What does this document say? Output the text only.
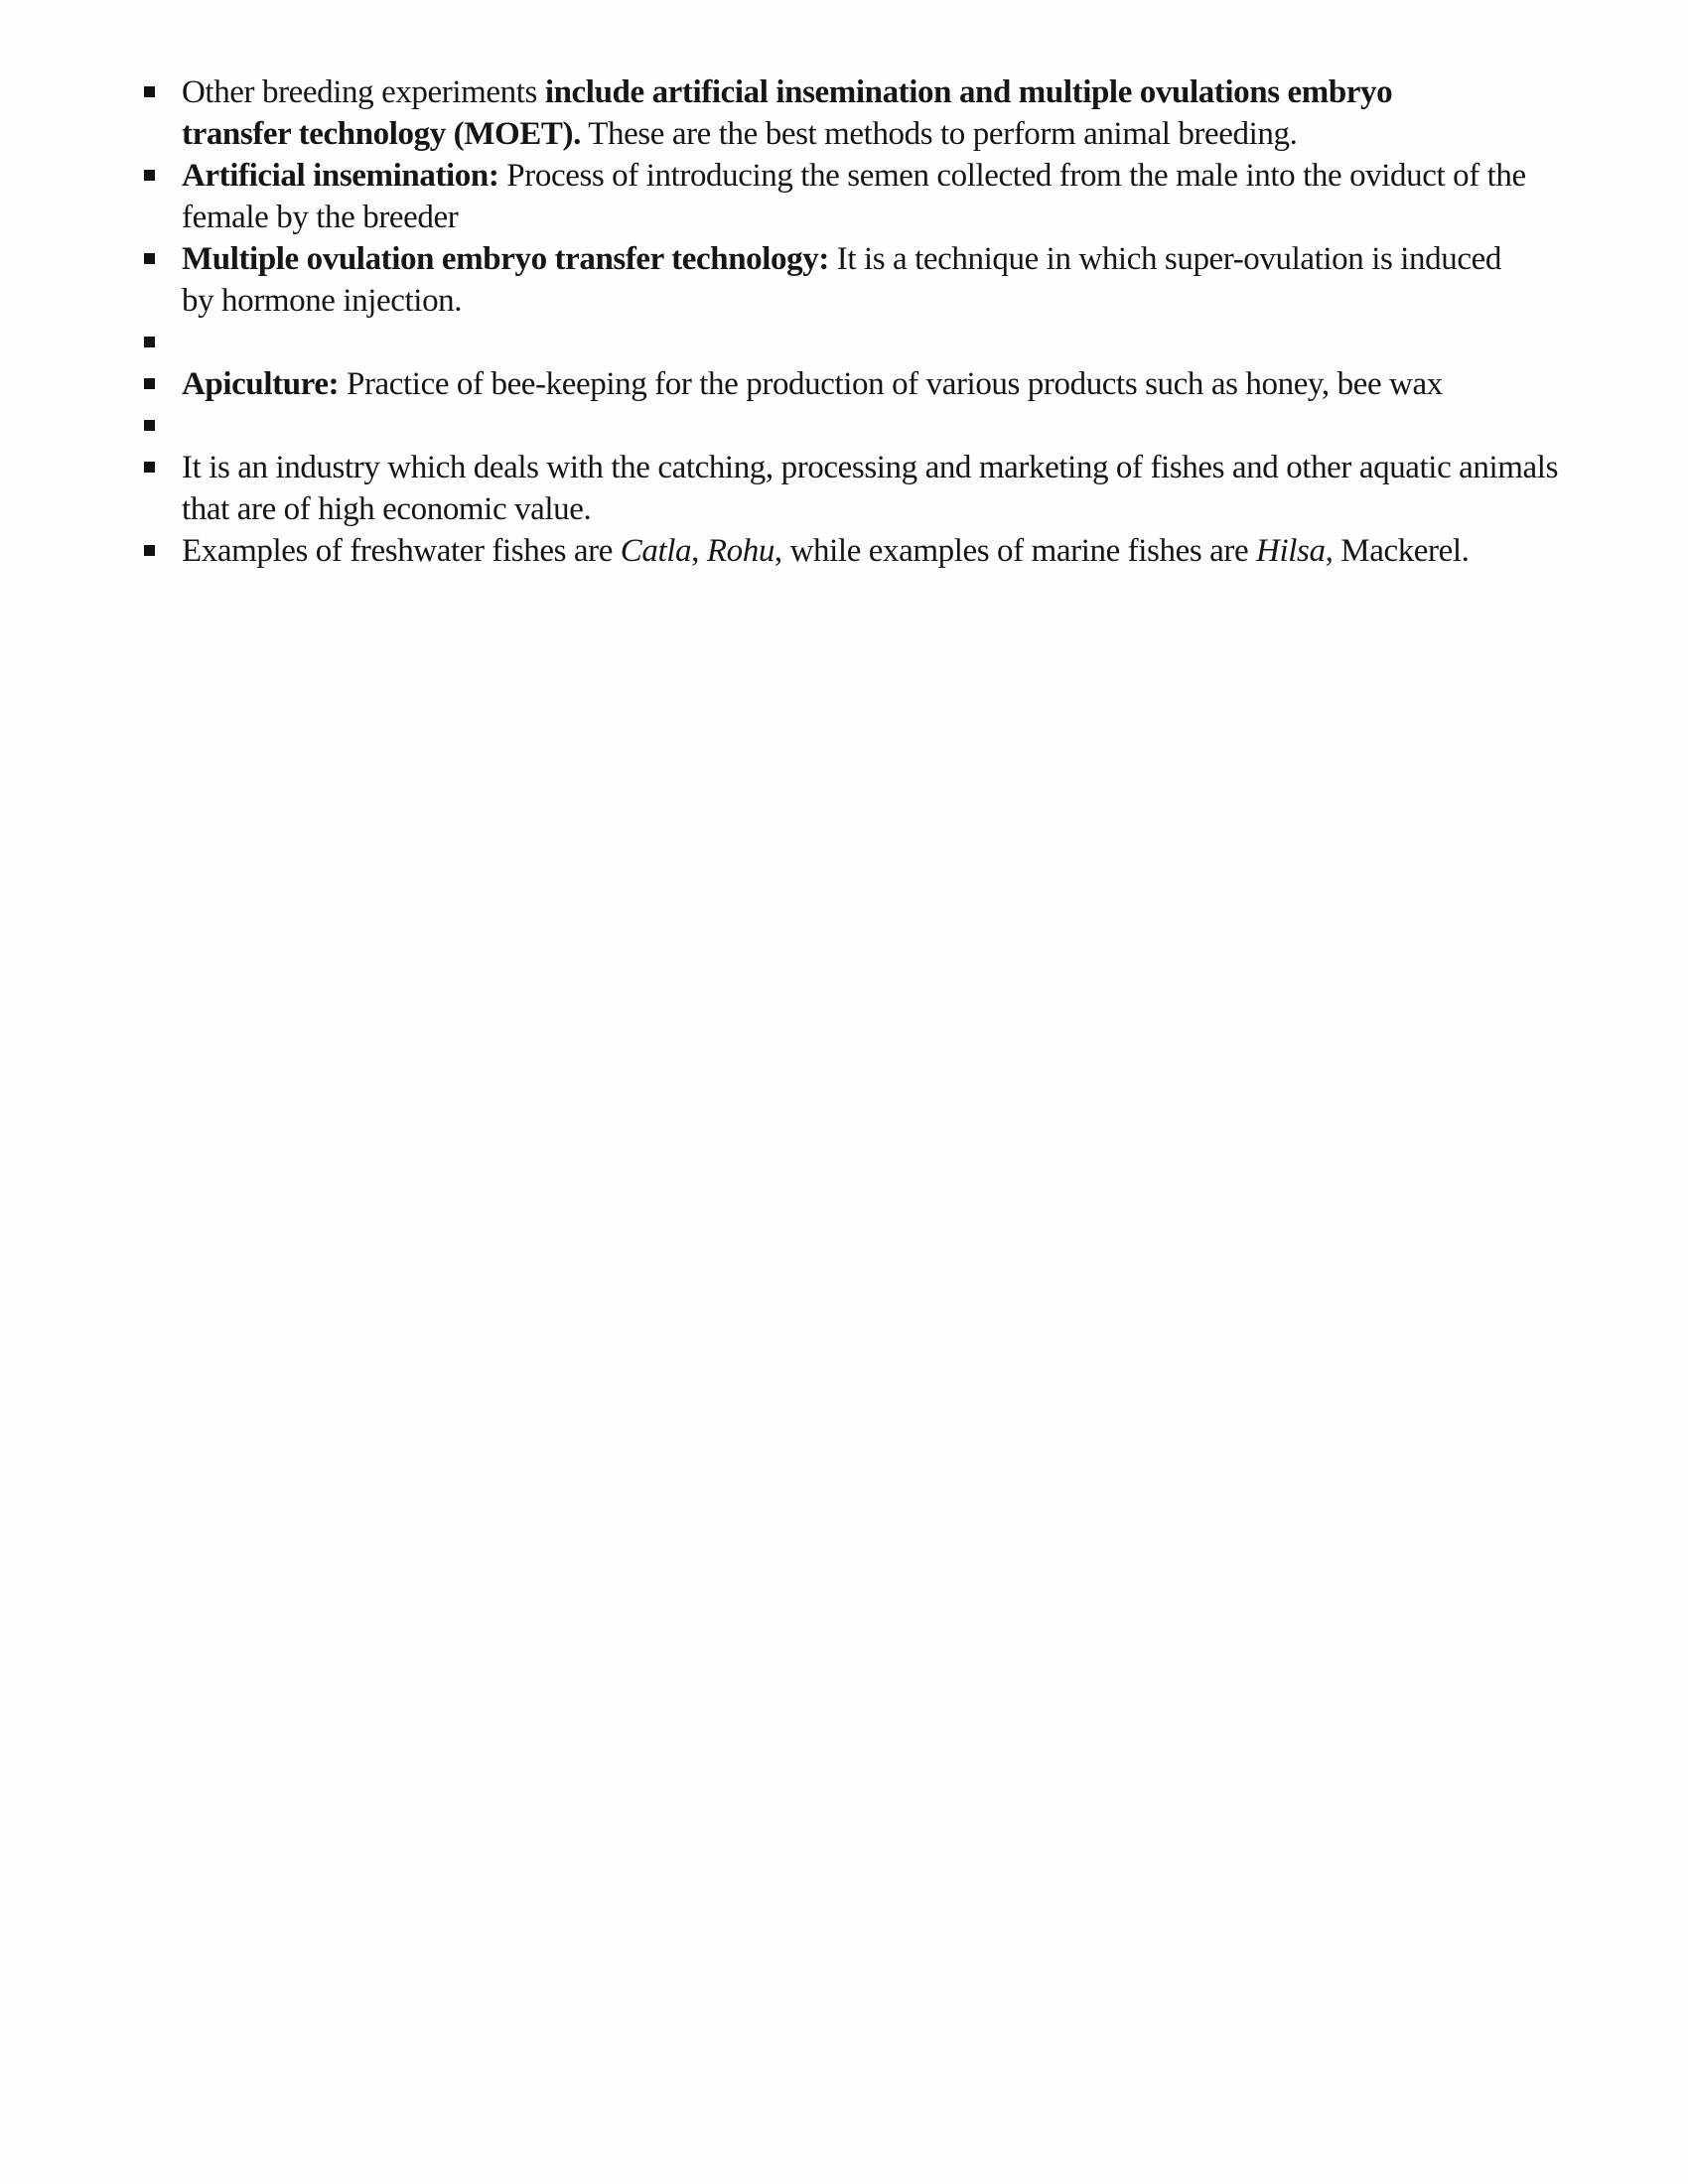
Other breeding experiments include artificial insemination and multiple ovulations embryo
transfer technology (MOET). These are the best methods to perform animal breeding.
Artificial insemination: Process of introducing the semen collected from the male into the oviduct of the
female by the breeder
Multiple ovulation embryo transfer technology: It is a technique in which super-ovulation is induced
by hormone injection.
Apiculture: Practice of bee-keeping for the production of various products such as honey, bee wax
It is an industry which deals with the catching, processing and marketing of fishes and other aquatic animals
that are of high economic value.
Examples of freshwater fishes are Catla, Rohu, while examples of marine fishes are Hilsa, Mackerel.
